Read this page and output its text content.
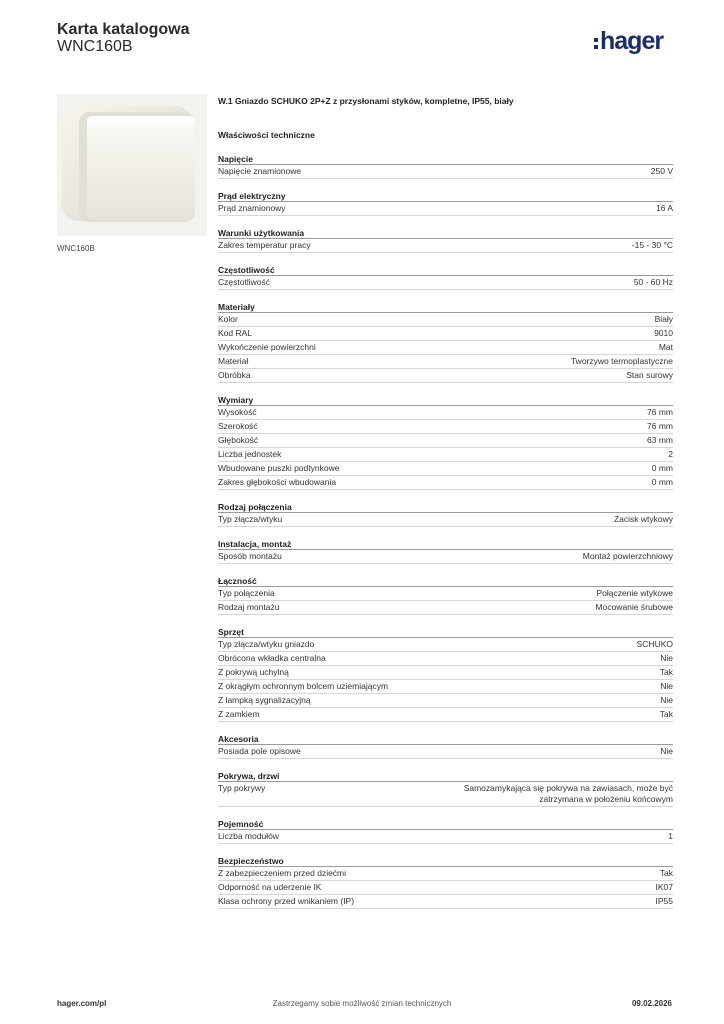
Karta katalogowa
WNC160B	hager
WNC160B
W.1 Gniazdo SCHUKO 2P+Z z przysłonami styków, kompletne, IP55, biały
Właściwości techniczne
Napięcie
Napięcie znamionowe	250 V
Prąd elektryczny
Prąd znamionowy	16 A
Warunki użytkowania
Zakres temperatur pracy	-15 - 30 °C
Częstotliwość
Częstotliwość	50 - 60 Hz
Materiały
Kolor	Biały
Kod RAL	9010
Wykończenie powierzchni	Mat
Materiał	Tworzywo termoplastyczne
Obróbka	Stan surowy
Wymiary
Wysokość	76 mm
Szerokość	76 mm
Głębokość	63 mm
Liczba jednostek	2
Wbudowane puszki podtynkowe	0 mm
Zakres głębokości wbudowania	0 mm
Rodzaj połączenia
Typ złącza/wtyku	Zacisk wtykowy
Instalacja, montaż
Sposób montażu	Montaż powierzchniowy
Łączność
Typ połączenia	Połączenie wtykowe
Rodzaj montażu	Mocowanie śrubowe
Sprzęt
Typ złącza/wtyku gniazdo	SCHUKO
Obrócona wkładka centralna	Nie
Z pokrywą uchylną	Tak
Z okrągłym ochronnym bolcem uziemiającym	Nie
Z lampką sygnalizacyjną	Nie
Z zamkiem	Tak
Akcesoria
Posiada pole opisowe	Nie
Pokrywa, drzwi
Typ pokrywy	Samozamykająca się pokrywa na zawiasach, może być zatrzymana w położeniu końcowym
Pojemność
Liczba modułów	1
Bezpieczeństwo
Z zabezpieczeniem przed dziećmi	Tak
Odporność na uderzenie IK	IK07
Klasa ochrony przed wnikaniem (IP)	IP55
hager.com/pl	Zastrzegamy sobie możliwość zmian technicznych	09.02.2026
